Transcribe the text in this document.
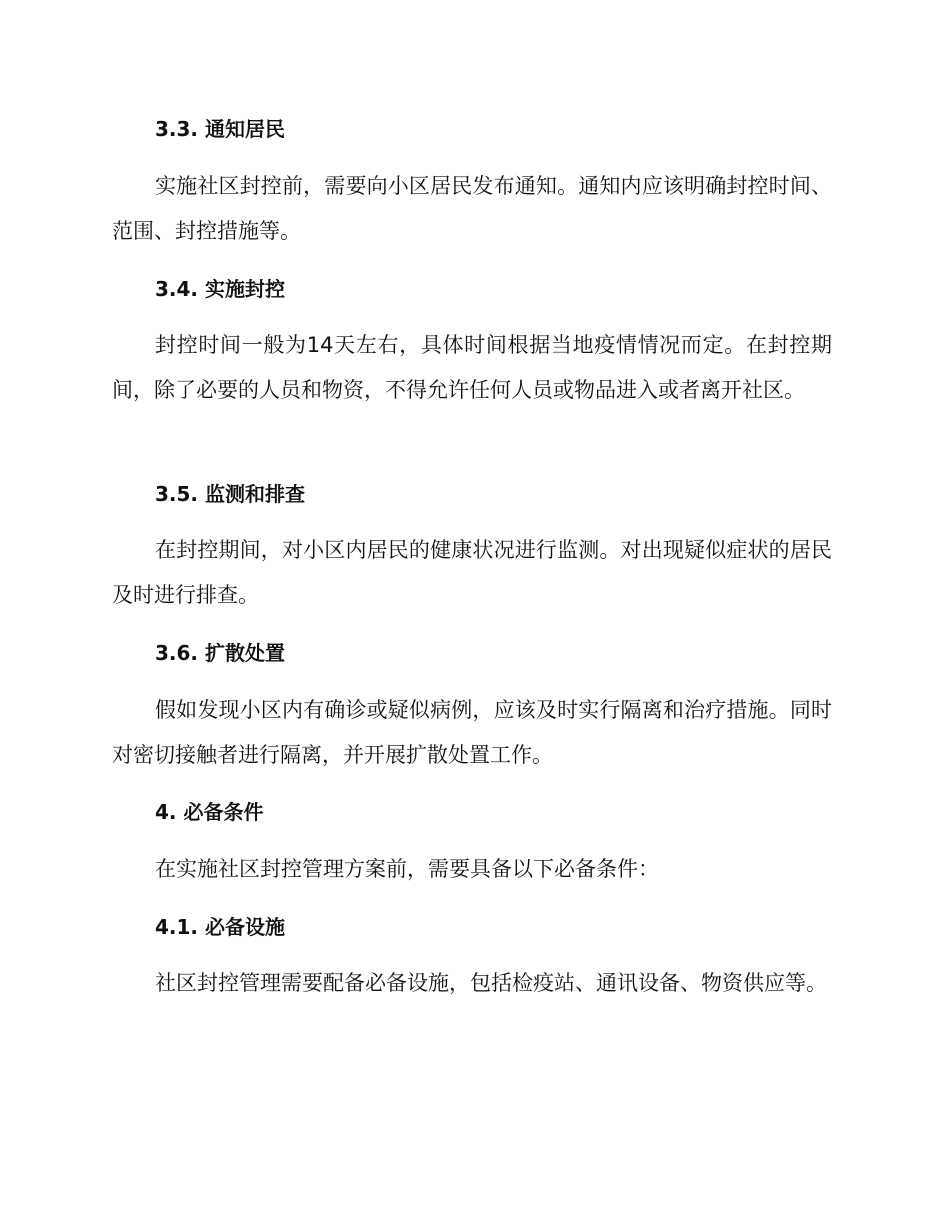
3.3. 通知居民
实施社区封控前，需要向小区居民发布通知。通知内应该明确封控时间、范围、封控措施等。
3.4. 实施封控
封控时间一般为14天左右，具体时间根据当地疫情情况而定。在封控期间，除了必要的人员和物资，不得允许任何人员或物品进入或者离开社区。
3.5. 监测和排查
在封控期间，对小区内居民的健康状况进行监测。对出现疑似症状的居民及时进行排查。
3.6. 扩散处置
假如发现小区内有确诊或疑似病例，应该及时实行隔离和治疗措施。同时对密切接触者进行隔离，并开展扩散处置工作。
4. 必备条件
在实施社区封控管理方案前，需要具备以下必备条件：
4.1. 必备设施
社区封控管理需要配备必备设施，包括检疫站、通讯设备、物资供应等。
